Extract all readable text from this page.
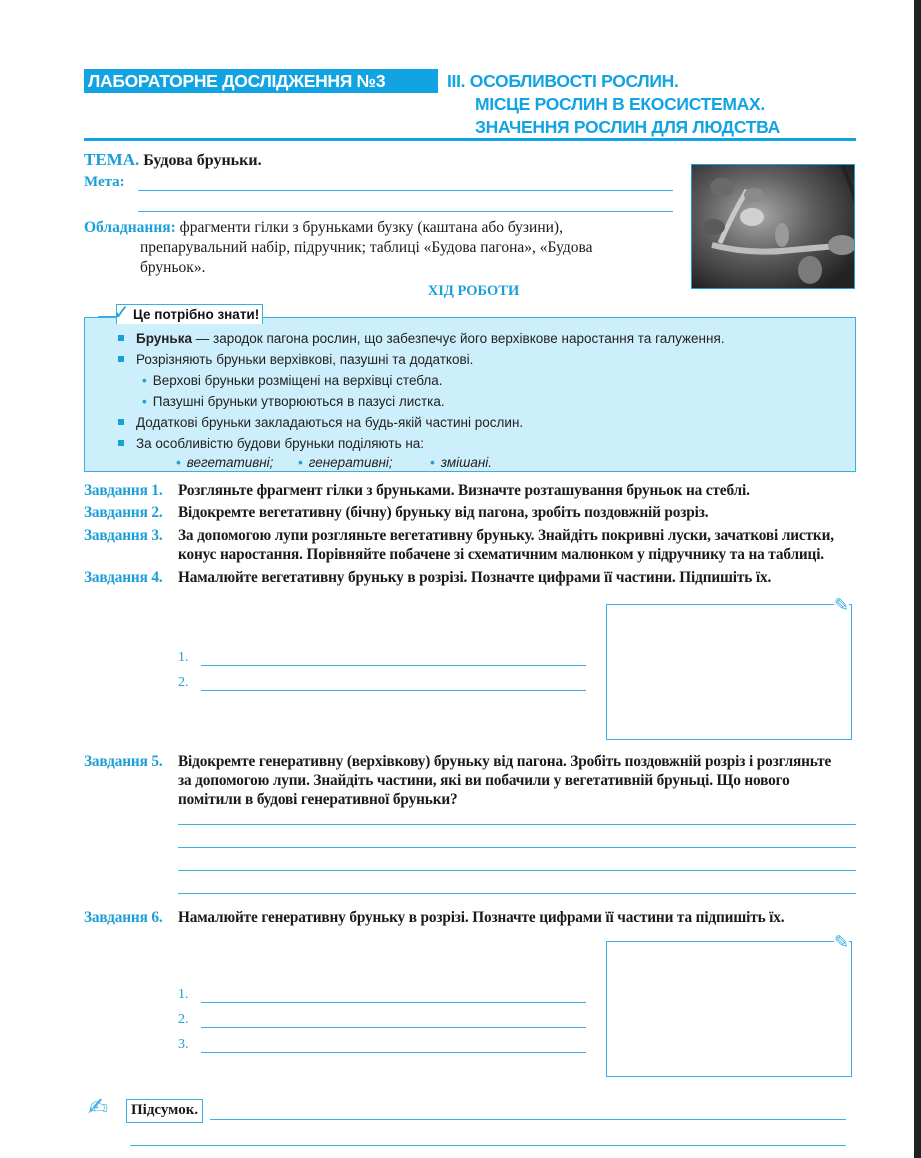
ЛАБОРАТОРНЕ ДОСЛІДЖЕННЯ №3	ІІІ. ОСОБЛИВОСТІ РОСЛИН.
МІСЦЕ РОСЛИН В ЕКОСИСТЕМАХ.
ЗНАЧЕННЯ РОСЛИН ДЛЯ ЛЮДСТВА
ТЕМА. Будова бруньки.
Мета:
Обладнання: фрагменти гілки з бруньками бузку (каштана або бузини),
препарувальний набір, підручник; таблиці «Будова пагона», «Будова
бруньок».
ХІД РОБОТИ
Це потрібно знати!
✓
Брунька — зародок пагона рослин, що забезпечує його верхівкове наростання та галуження.
Розрізняють бруньки верхівкові, пазушні та додаткові.
• Верхові бруньки розміщені на верхівці стебла.
• Пазушні бруньки утворюються в пазусі листка.
Додаткові бруньки закладаються на будь-якій частині рослин.
За особливістю будови бруньки поділяють на:
• вегетативні; • генеративні;	• змішані.
Завдання 1. Розгляньте фрагмент гілки з бруньками. Визначте розташування бруньок на стеблі.
Завдання 2. Відокремте вегетативну (бічну) бруньку від пагона, зробіть поздовжній розріз.
Завдання 3. За допомогою лупи розгляньте вегетативну бруньку. Знайдіть покривні луски, зачаткові листки,
конус наростання. Порівняйте побачене зі схематичним малюнком у підручнику та на таблиці.
Завдання 4. Намалюйте вегетативну бруньку в розрізі. Позначте цифрами її частини. Підпишіть їх.
1.
2.
✎
Завдання 5. Відокремте генеративну (верхівкову) бруньку від пагона. Зробіть поздовжній розріз і розгляньте
за допомогою лупи. Знайдіть частини, які ви побачили у вегетативній бруньці. Що нового
помітили в будові генеративної бруньки?
Завдання 6. Намалюйте генеративну бруньку в розрізі. Позначте цифрами її частини та підпишіть їх.
1.
2.
3.
✎
✍	Підсумок.
